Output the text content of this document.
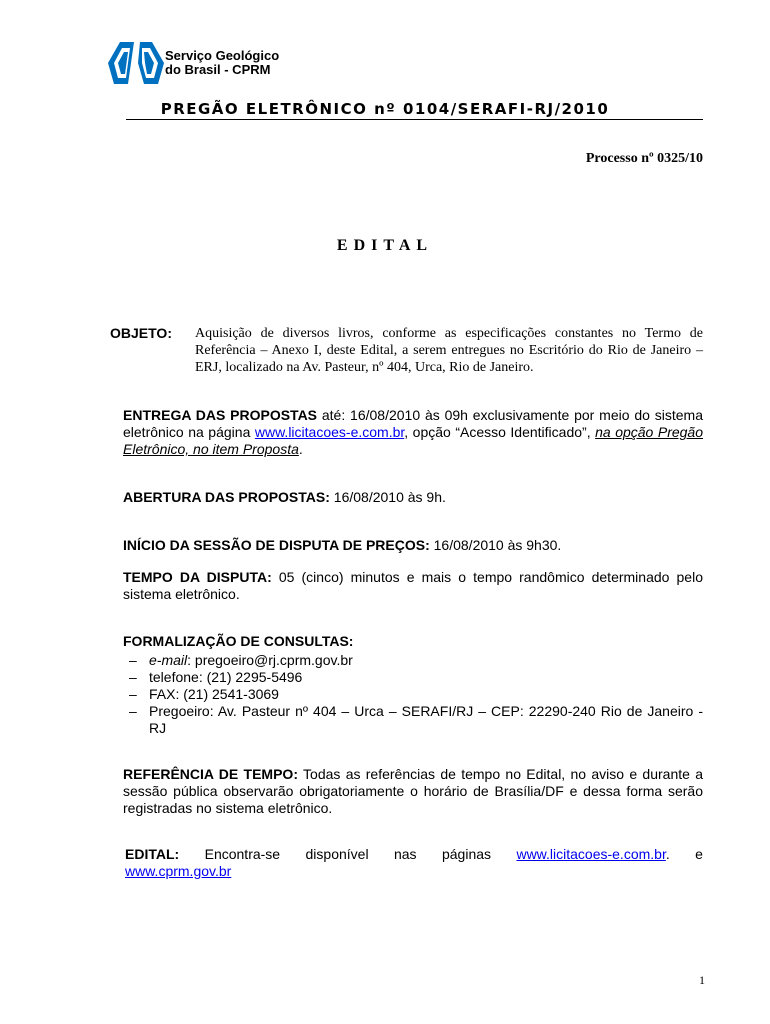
Serviço Geológico
do Brasil - CPRM
PREGÃO ELETRÔNICO nº 0104/SERAFI-RJ/2010
Processo nº 0325/10
EDITAL
OBJETO: Aquisição de diversos livros, conforme as especificações constantes no Termo de Referência – Anexo I, deste Edital, a serem entregues no Escritório do Rio de Janeiro – ERJ, localizado na Av. Pasteur, nº 404, Urca, Rio de Janeiro.
ENTREGA DAS PROPOSTAS até: 16/08/2010 às 09h exclusivamente por meio do sistema eletrônico na página www.licitacoes-e.com.br, opção “Acesso Identificado”, na opção Pregão Eletrônico, no item Proposta.
ABERTURA DAS PROPOSTAS: 16/08/2010 às 9h.
INÍCIO DA SESSÃO DE DISPUTA DE PREÇOS: 16/08/2010 às 9h30.
TEMPO DA DISPUTA: 05 (cinco) minutos e mais o tempo randômico determinado pelo sistema eletrônico.
FORMALIZAÇÃO DE CONSULTAS:
– e-mail: pregoeiro@rj.cprm.gov.br
– telefone: (21) 2295-5496
– FAX: (21) 2541-3069
– Pregoeiro: Av. Pasteur nº 404 – Urca – SERAFI/RJ – CEP: 22290-240 Rio de Janeiro - RJ
REFERÊNCIA DE TEMPO: Todas as referências de tempo no Edital, no aviso e durante a sessão pública observarão obrigatoriamente o horário de Brasília/DF e dessa forma serão registradas no sistema eletrônico.
EDITAL: Encontra-se disponível nas páginas www.licitacoes-e.com.br. e
www.cprm.gov.br
1
